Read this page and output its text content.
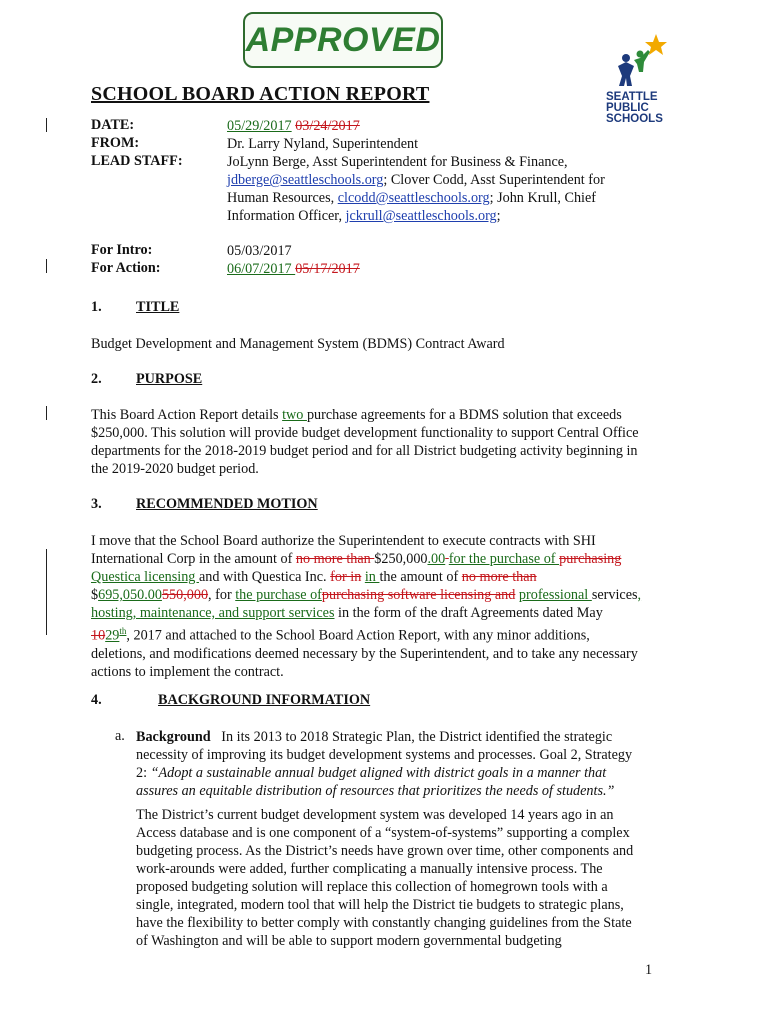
APPROVED
SEATTLE
PUBLIC
SCHOOLS
SCHOOL BOARD ACTION REPORT
DATE:	05/29/2017 03/24/2017
FROM:	Dr. Larry Nyland, Superintendent
LEAD STAFF:	JoLynn Berge, Asst Superintendent for Business & Finance,
jdberge@seattleschools.org; Clover Codd, Asst Superintendent for
Human Resources, clcodd@seattleschools.org; John Krull, Chief
Information Officer, jckrull@seattleschools.org;
For Intro:	05/03/2017
For Action:	06/07/2017 05/17/2017
1. TITLE
Budget Development and Management System (BDMS) Contract Award
2. PURPOSE
This Board Action Report details two purchase agreements for a BDMS solution that exceeds
$250,000. This solution will provide budget development functionality to support Central Office
departments for the 2018-2019 budget period and for all District budgeting activity beginning in
the 2019-2020 budget period.
3. RECOMMENDED MOTION
I move that the School Board authorize the Superintendent to execute contracts with SHI
International Corp in the amount of no more than $250,000.00 for the purchase of purchasing
Questica licensing and with Questica Inc. for in in the amount of no more than
$695,050.00550,000, for the purchase ofpurchasing software licensing and professional services,
hosting, maintenance, and support services in the form of the draft Agreements dated May
1029th, 2017 and attached to the School Board Action Report, with any minor additions,
deletions, and modifications deemed necessary by the Superintendent, and to take any necessary
actions to implement the contract.
4.	BACKGROUND INFORMATION
a. Background   In its 2013 to 2018 Strategic Plan, the District identified the strategic
necessity of improving its budget development systems and processes. Goal 2, Strategy
2: “Adopt a sustainable annual budget aligned with district goals in a manner that
assures an equitable distribution of resources that prioritizes the needs of students.”
The District’s current budget development system was developed 14 years ago in an
Access database and is one component of a “system-of-systems” supporting a complex
budgeting process. As the District’s needs have grown over time, other components and
work-arounds were added, further complicating a manually intensive process. The
proposed budgeting solution will replace this collection of homegrown tools with a
single, integrated, modern tool that will help the District tie budgets to strategic plans,
have the flexibility to better comply with constantly changing guidelines from the State
of Washington and will be able to support modern governmental budgeting
1
